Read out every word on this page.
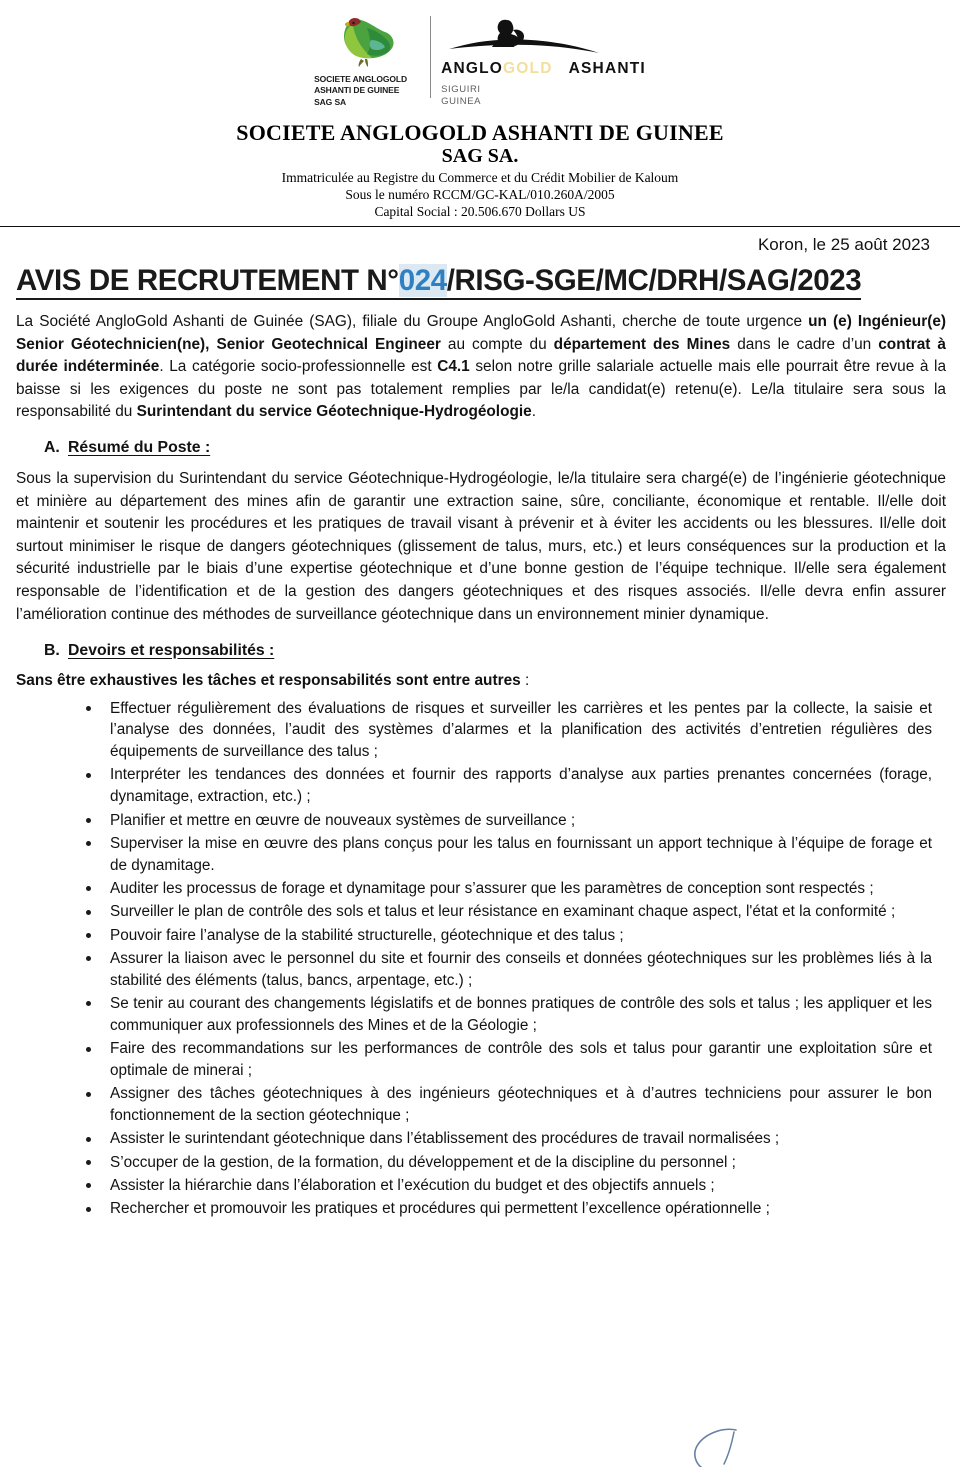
SOCIETE ANGLOGOLD
ASHANTI DE GUINEE
SAG SA
ANGLO GOLD ASHANTI
SIGUIRI
GUINEA
SOCIETE ANGLOGOLD ASHANTI DE GUINEE
SAG SA.
Immatriculée au Registre du Commerce et du Crédit Mobilier de Kaloum
Sous le numéro RCCM/GC-KAL/010.260A/2005
Capital Social : 20.506.670 Dollars US
Koron, le 25 août 2023
AVIS DE RECRUTEMENT N°024/RISG-SGE/MC/DRH/SAG/2023

La Société AngloGold Ashanti de Guinée (SAG), filiale du Groupe AngloGold Ashanti, cherche de toute urgence un (e) Ingénieur(e) Senior Géotechnicien(ne), Senior Geotechnical Engineer au compte du département des Mines dans le cadre d’un contrat à durée indéterminée. La catégorie socio-professionnelle est C4.1 selon notre grille salariale actuelle mais elle pourrait être revue à la baisse si les exigences du poste ne sont pas totalement remplies par le/la candidat(e) retenu(e). Le/la titulaire sera sous la responsabilité du Surintendant du service Géotechnique-Hydrogéologie.

A. Résumé du Poste :

Sous la supervision du Surintendant du service Géotechnique-Hydrogéologie, le/la titulaire sera chargé(e) de l’ingénierie géotechnique et minière au département des mines afin de garantir une extraction saine, sûre, conciliante, économique et rentable. Il/elle doit maintenir et soutenir les procédures et les pratiques de travail visant à prévenir et à éviter les accidents ou les blessures. Il/elle doit surtout minimiser le risque de dangers géotechniques (glissement de talus, murs, etc.) et leurs conséquences sur la production et la sécurité industrielle par le biais d’une expertise géotechnique et d’une bonne gestion de l’équipe technique. Il/elle sera également responsable de l’identification et de la gestion des dangers géotechniques et des risques associés. Il/elle devra enfin assurer l’amélioration continue des méthodes de surveillance géotechnique dans un environnement minier dynamique.

B. Devoirs et responsabilités :
Sans être exhaustives les tâches et responsabilités sont entre autres :
Effectuer régulièrement des évaluations de risques et surveiller les carrières et les pentes par la collecte, la saisie et l’analyse des données, l’audit des systèmes d’alarmes et la planification des activités d’entretien régulières des équipements de surveillance des talus ;
Interpréter les tendances des données et fournir des rapports d’analyse aux parties prenantes concernées (forage, dynamitage, extraction, etc.) ;
Planifier et mettre en œuvre de nouveaux systèmes de surveillance ;
Superviser la mise en œuvre des plans conçus pour les talus en fournissant un apport technique à l’équipe de forage et de dynamitage.
Auditer les processus de forage et dynamitage pour s’assurer que les paramètres de conception sont respectés ;
Surveiller le plan de contrôle des sols et talus et leur résistance en examinant chaque aspect, l'état et la conformité ;
Pouvoir faire l’analyse de la stabilité structurelle, géotechnique et des talus ;
Assurer la liaison avec le personnel du site et fournir des conseils et données géotechniques sur les problèmes liés à la stabilité des éléments (talus, bancs, arpentage, etc.) ;
Se tenir au courant des changements législatifs et de bonnes pratiques de contrôle des sols et talus ; les appliquer et les communiquer aux professionnels des Mines et de la Géologie ;
Faire des recommandations sur les performances de contrôle des sols et talus pour garantir une exploitation sûre et optimale de minerai ;
Assigner des tâches géotechniques à des ingénieurs géotechniques et à d’autres techniciens pour assurer le bon fonctionnement de la section géotechnique ;
Assister le surintendant géotechnique dans l’établissement des procédures de travail normalisées ;
S’occuper de la gestion, de la formation, du développement et de la discipline du personnel ;
Assister la hiérarchie dans l’élaboration et l’exécution du budget et des objectifs annuels ;
Rechercher et promouvoir les pratiques et procédures qui permettent l’excellence opérationnelle ;
